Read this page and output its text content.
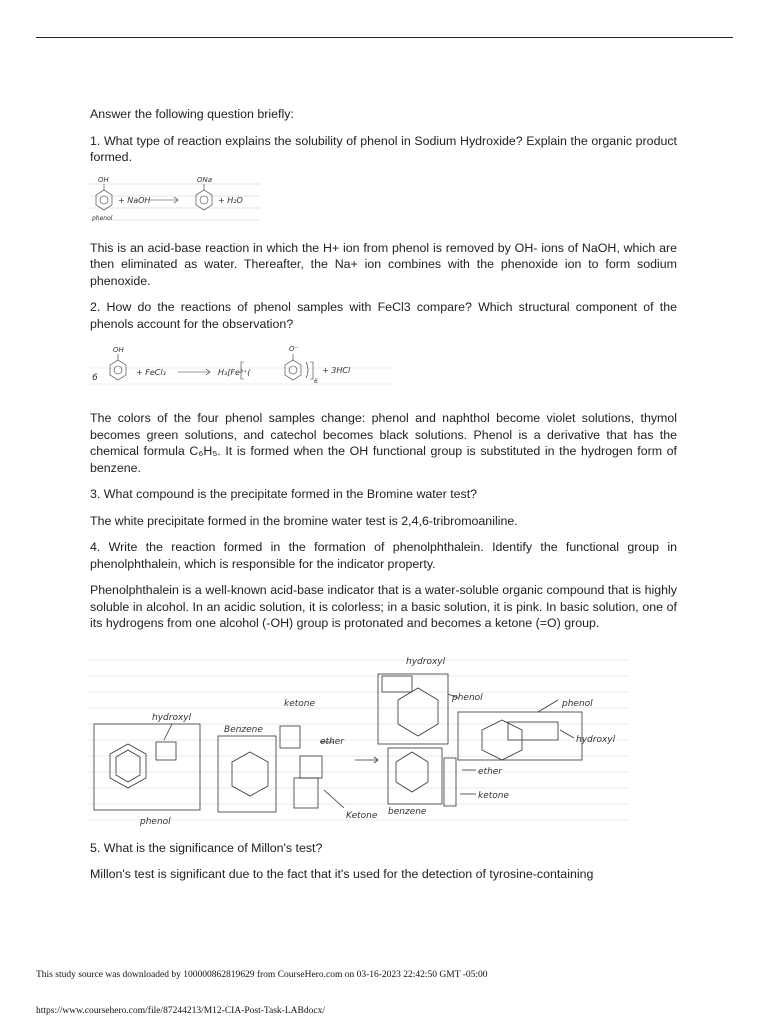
Answer the following question briefly:

1. What type of reaction explains the solubility of phenol in Sodium Hydroxide? Explain the organic product formed.

OH
+ NaOH
ONa
+ H₂O
phenol

This is an acid-base reaction in which the H+ ion from phenol is removed by OH- ions of NaOH, which are then eliminated as water. Thereafter, the Na+ ion combines with the phenoxide ion to form sodium phenoxide.

2. How do the reactions of phenol samples with FeCl3 compare? Which structural component of the phenols account for the observation?

OH
6
+ FeCl₃
O⁻
H₃[Fe³⁺(
6
+ 3HCl

The colors of the four phenol samples change: phenol and naphthol become violet solutions, thymol becomes green solutions, and catechol becomes black solutions. Phenol is a derivative that has the chemical formula C₆H₅. It is formed when the OH functional group is substituted in the hydrogen form of benzene.

3. What compound is the precipitate formed in the Bromine water test?

The white precipitate formed in the bromine water test is 2,4,6-tribromoaniline.

4. Write the reaction formed in the formation of phenolphthalein. Identify the functional group in phenolphthalein, which is responsible for the indicator property.

Phenolphthalein is a well-known acid-base indicator that is a water-soluble organic compound that is highly soluble in alcohol. In an acidic solution, it is colorless; in a basic solution, it is pink. In basic solution, one of its hydrogens from one alcohol (-OH) group is protonated and becomes a ketone (=O) group.

hydroxyl
Benzene
ketone
ether
phenol
Ketone
hydroxyl
phenol
phenol
hydroxyl
ether
ketone
benzene

5. What is the significance of Millon's test?

Millon's test is significant due to the fact that it's used for the detection of tyrosine-containing

This study source was downloaded by 100000862819629 from CourseHero.com on 03-16-2023 22:42:50 GMT -05:00
https://www.coursehero.com/file/87244213/M12-CIA-Post-Task-LABdocx/
